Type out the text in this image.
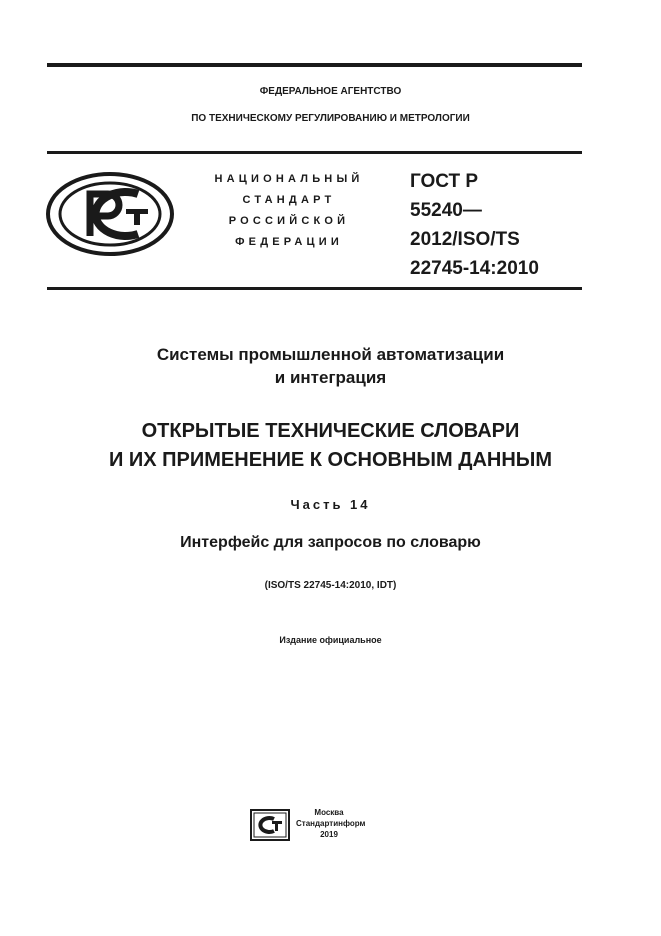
ФЕДЕРАЛЬНОЕ АГЕНТСТВО
ПО ТЕХНИЧЕСКОМУ РЕГУЛИРОВАНИЮ И МЕТРОЛОГИИ
НАЦИОНАЛЬНЫЙ
СТАНДАРТ
РОССИЙСКОЙ
ФЕДЕРАЦИИ
ГОСТ Р
55240—
2012/ISO/TS
22745-14:2010
Системы промышленной автоматизации
и интеграция
ОТКРЫТЫЕ ТЕХНИЧЕСКИЕ СЛОВАРИ
И ИХ ПРИМЕНЕНИЕ К ОСНОВНЫМ ДАННЫМ
Часть 14
Интерфейс для запросов по словарю
(ISO/TS 22745-14:2010, IDT)
Издание официальное
Москва
Стандартинформ
2019
